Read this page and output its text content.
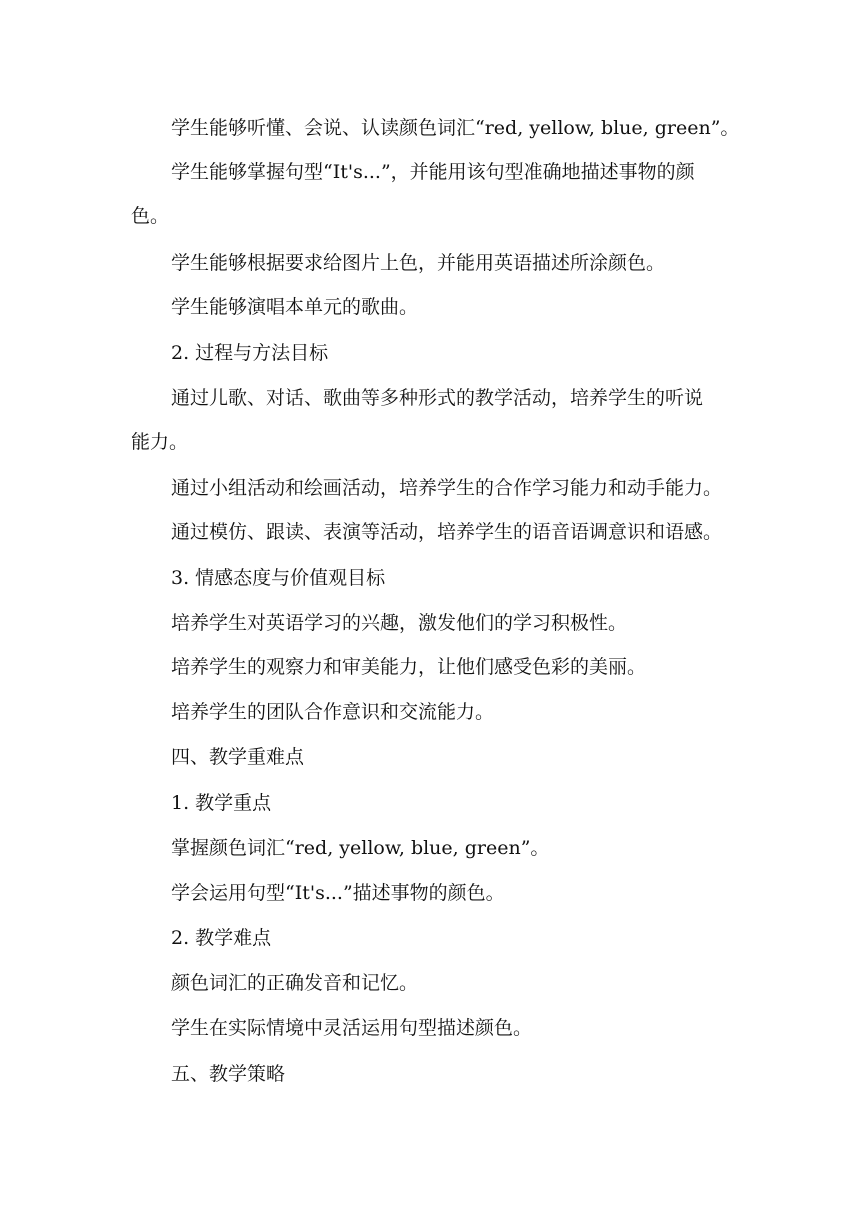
学生能够听懂、会说、认读颜色词汇“red, yellow, blue, green”。
学生能够掌握句型“It's...”，并能用该句型准确地描述事物的颜
色。
学生能够根据要求给图片上色，并能用英语描述所涂颜色。
学生能够演唱本单元的歌曲。
2. 过程与方法目标
通过儿歌、对话、歌曲等多种形式的教学活动，培养学生的听说
能力。
通过小组活动和绘画活动，培养学生的合作学习能力和动手能力。
通过模仿、跟读、表演等活动，培养学生的语音语调意识和语感。
3. 情感态度与价值观目标
培养学生对英语学习的兴趣，激发他们的学习积极性。
培养学生的观察力和审美能力，让他们感受色彩的美丽。
培养学生的团队合作意识和交流能力。
四、教学重难点
1. 教学重点
掌握颜色词汇“red, yellow, blue, green”。
学会运用句型“It's...”描述事物的颜色。
2. 教学难点
颜色词汇的正确发音和记忆。
学生在实际情境中灵活运用句型描述颜色。
五、教学策略
